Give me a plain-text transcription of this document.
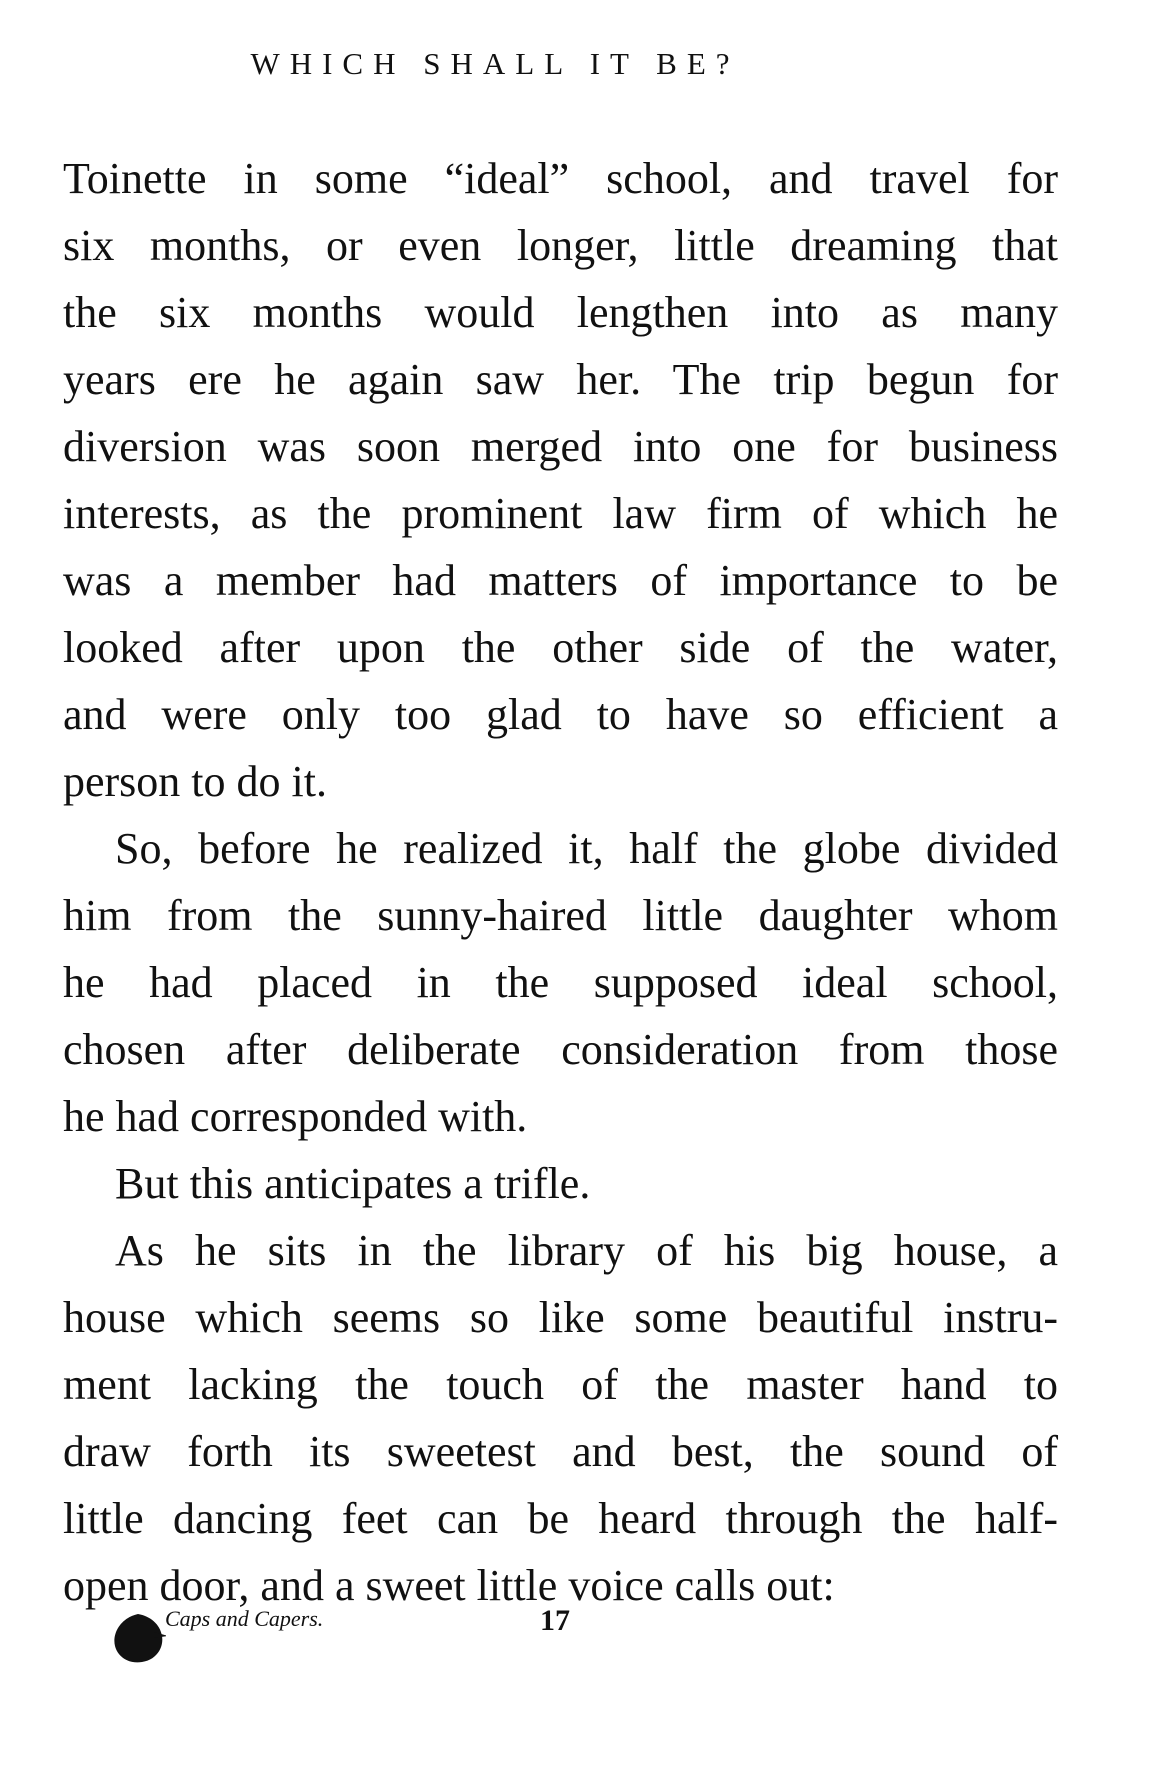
WHICH SHALL IT BE?

Toinette in some “ideal” school, and travel for
six months, or even longer, little dreaming that
the six months would lengthen into as many
years ere he again saw her. The trip begun for
diversion was soon merged into one for business
interests, as the prominent law firm of which he
was a member had matters of importance to be
looked after upon the other side of the water,
and were only too glad to have so efficient a
person to do it.

So, before he realized it, half the globe divided
him from the sunny-haired little daughter whom
he had placed in the supposed ideal school,
chosen after deliberate consideration from those
he had corresponded with.

But this anticipates a trifle.

As he sits in the library of his big house, a
house which seems so like some beautiful instru-
ment lacking the touch of the master hand to
draw forth its sweetest and best, the sound of
little dancing feet can be heard through the half-
open door, and a sweet little voice calls out:

Caps and Capers.	17
